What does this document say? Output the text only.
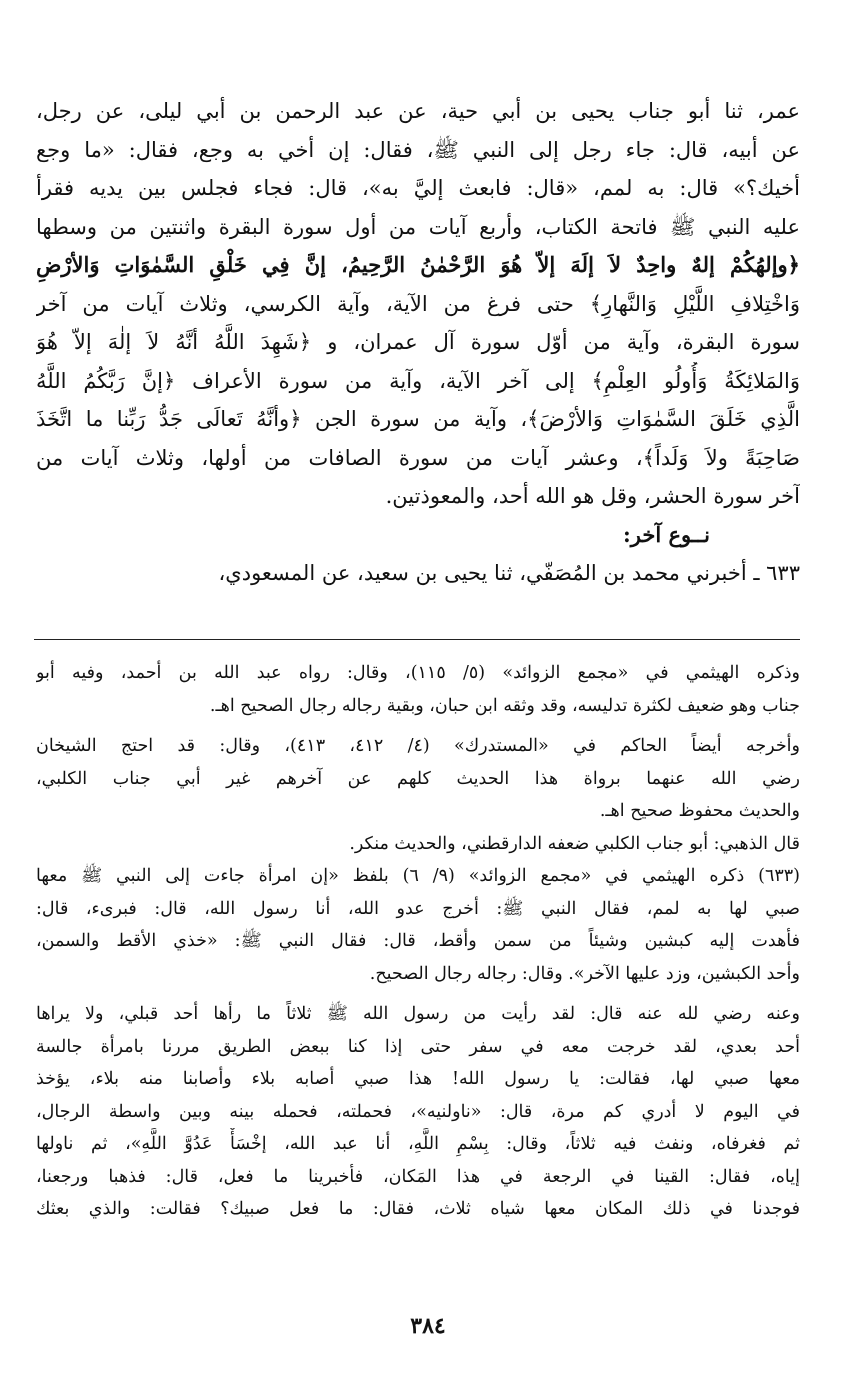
عمر، ثنا أبو جناب يحيى بن أبي حية، عن عبد الرحمن بن أبي ليلى، عن رجل،
عن أبيه، قال: جاء رجل إلى النبي ﷺ، فقال: إن أخي به وجع، فقال: «ما وجع
أخيك؟» قال: به لمم، «قال: فابعث إليَّ به»، قال: فجاء فجلس بين يديه فقرأ
عليه النبي ﷺ فاتحة الكتاب، وأربع آيات من أول سورة البقرة واثنتين من وسطها
﴿وإلهُكُمْ إلهٌ واحِدٌ لاَ إلَهَ إلاّ هُوَ الرَّحْمٰنُ الرَّحِيمُ، إنَّ فِي خَلْقِ السَّمٰوَاتِ وَالأرْضِ
وَاخْتِلافِ اللَّيْلِ وَالنَّهارِ﴾ حتى فرغ من الآية، وآية الكرسي، وثلاث آيات من آخر
سورة البقرة، وآية من أوّل سورة آل عمران، و ﴿شَهِدَ اللَّهُ أنَّهُ لاَ إلٰهَ إلاّ هُوَ
وَالمَلائِكَةُ وَأُولُو العِلْمِ﴾ إلى آخر الآية، وآية من سورة الأعراف ﴿إنَّ رَبَّكُمُ اللَّهُ
الَّذِي خَلَقَ السَّمٰوَاتِ وَالأرْضَ﴾، وآية من سورة الجن ﴿وأنَّهُ تَعالَى جَدُّ رَبِّنا ما اتَّخَذَ
صَاحِبَةً ولاَ وَلَداً﴾، وعشر آيات من سورة الصافات من أولها، وثلاث آيات من
آخر سورة الحشر، وقل هو الله أحد، والمعوذتين.
نــوع آخر:
٦٣٣ ـ أخبرني محمد بن المُصَفّي، ثنا يحيى بن سعيد، عن المسعودي،
وذكره الهيثمي في «مجمع الزوائد» (٥/ ١١٥)، وقال: رواه عبد الله بن أحمد، وفيه أبو
جناب وهو ضعيف لكثرة تدليسه، وقد وثقه ابن حبان، وبقية رجاله رجال الصحيح اهـ.
وأخرجه أيضاً الحاكم في «المستدرك» (٤/ ٤١٢، ٤١٣)، وقال: قد احتج الشيخان
رضي الله عنهما برواة هذا الحديث كلهم عن آخرهم غير أبي جناب الكلبي،
والحديث محفوظ صحيح اهـ.
قال الذهبي: أبو جناب الكلبي ضعفه الدارقطني، والحديث منكر.
(٦٣٣) ذكره الهيثمي في «مجمع الزوائد» (٩/ ٦) بلفظ «إن امرأة جاءت إلى النبي ﷺ معها
صبي لها به لمم، فقال النبي ﷺ: أخرج عدو الله، أنا رسول الله، قال: فبرىء، قال:
فأهدت إليه كبشين وشيئاً من سمن وأقط، قال: فقال النبي ﷺ: «خذي الأقط والسمن،
وأحد الكبشين، وزد عليها الآخر». وقال: رجاله رجال الصحيح.
وعنه رضي لله عنه قال: لقد رأيت من رسول الله ﷺ ثلاثاً ما رأها أحد قبلي، ولا يراها
أحد بعدي، لقد خرجت معه في سفر حتى إذا كنا ببعض الطريق مررنا بامرأة جالسة
معها صبي لها، فقالت: يا رسول الله! هذا صبي أصابه بلاء وأصابنا منه بلاء، يؤخذ
في اليوم لا أدري كم مرة، قال: «ناولنيه»، فحملته، فحمله بينه وبين واسطة الرجال،
ثم فغرفاه، ونفث فيه ثلاثاً، وقال: بِسْمِ اللَّهِ، أنا عبد الله، إخْسَأْ عَدُوَّ اللَّهِ»، ثم ناولها
إياه، فقال: القينا في الرجعة في هذا المَكان، فأخبرينا ما فعل، قال: فذهبا ورجعنا،
فوجدنا في ذلك المكان معها شياه ثلاث، فقال: ما فعل صبيك؟ فقالت: والذي بعثك
٣٨٤
